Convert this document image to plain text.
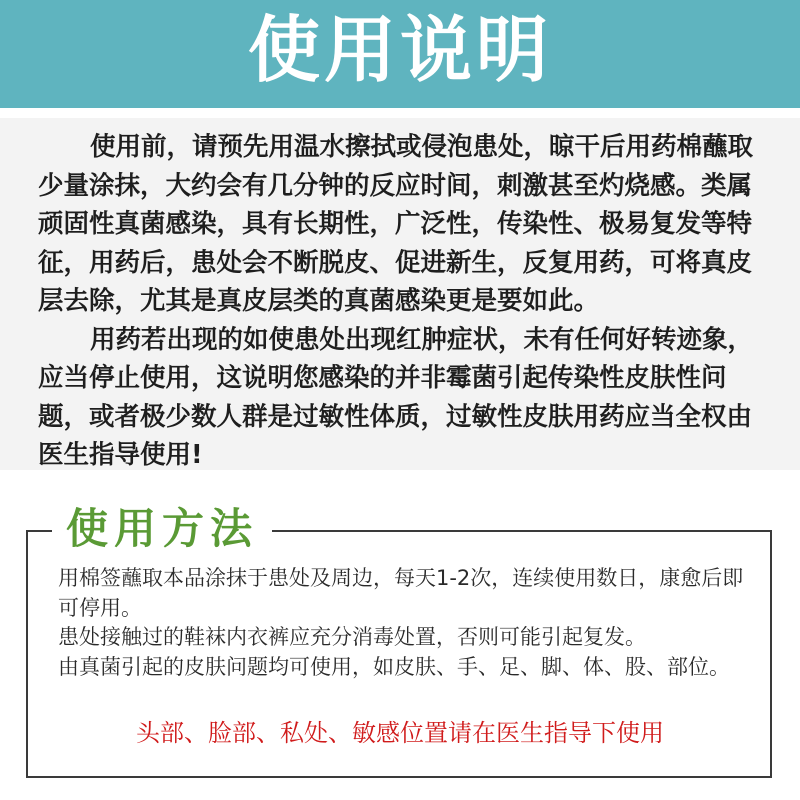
使用说明

使用前，请预先用温水擦拭或侵泡患处，晾干后用药棉蘸取少量涂抹，大约会有几分钟的反应时间，刺激甚至灼烧感。类属顽固性真菌感染，具有长期性，广泛性，传染性、极易复发等特征，用药后，患处会不断脱皮、促进新生，反复用药，可将真皮层去除，尤其是真皮层类的真菌感染更是要如此。

用药若出现的如使患处出现红肿症状，未有任何好转迹象，应当停止使用，这说明您感染的并非霉菌引起传染性皮肤性问题，或者极少数人群是过敏性体质，过敏性皮肤用药应当全权由医生指导使用!

使用方法

用棉签蘸取本品涂抹于患处及周边，每天1-2次，连续使用数日，康愈后即可停用。

患处接触过的鞋袜内衣裤应充分消毒处置，否则可能引起复发。

由真菌引起的皮肤问题均可使用，如皮肤、手、足、脚、体、股、部位。

头部、脸部、私处、敏感位置请在医生指导下使用
